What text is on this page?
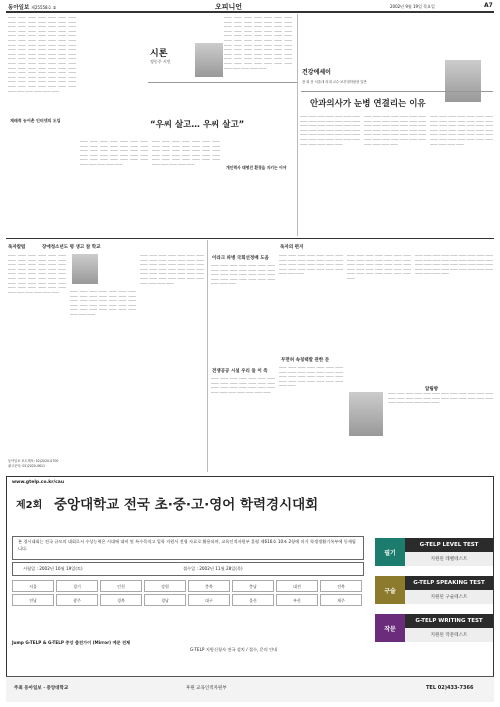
동아일보 제25558호 ②	오피니언	2002년 9월 19일 목요일	A7
──── ──── ──── ──── ──── ──── ──── ──── ──── ──── ──── ──── ──── ──── ──── ──── ──── ──── ──── ──── ──── ──── ──── ──── ──── ──── ──── ──── ──── ──── ──── ──── ──── ──── ──── ──── ──── ──── ──── ──── ──── ──── ──── ──── ──── ──── ──── ──── ──── ──── ──── ──── ──── ──── ──── ──── ──── ──── ──── ──── ──── ──── ──── ──── ──── ──── ──── ──── ──── ──── ──── ──── ──── ──── ──── ──── ──── ──── ──── ──── ──── ──── ──── ──── ──── ──── ──── ──── ──── ──── ──── ──── ──── ──── ──── ──── ──── ──── ──── ──── ──── ──── ──── ──── ──── ──── ──── ──── ──── ──── ──── ──── ──── ──── ──── ──── ──── ────
재래적 농어촌 인터넷의 도입
시론
정동주 시인
“우씨 살고… 우씨 살고”
──── ──── ──── ──── ──── ──── ──── ──── ──── ──── ──── ──── ──── ──── ──── ──── ──── ──── ──── ──── ──── ──── ──── ──── ──── ──── ──── ──── ──── ──── ──── ──── ──── ──── ──── ──── ──── ──── ──── ────
──── ──── ──── ──── ──── ──── ──── ──── ──── ──── ──── ──── ──── ──── ──── ──── ──── ──── ──── ──── ──── ──── ──── ──── ──── ──── ──── ──── ──── ──── ──── ──── ──── ──── ──── ──── ──── ──── ──── ────
──── ──── ──── ──── ──── ──── ──── ──── ──── ──── ──── ──── ──── ──── ──── ──── ──── ──── ──── ──── ──── ──── ──── ──── ──── ──── ──── ──── ──── ──── ──── ──── ──── ──── ──── ──── ──── ──── ──── ──── ──── ──── ──── ──── ──── ──── ──── ──── ──── ──── ──── ──── ──── ──── ──── ──── ──── ──── ──── ──── ──── ──── ──── ──── ──── ──── ──── ──── ──── ──── ──── ──── ──── ──── ──── ──── ──── ──── ──── ──── ──── ────
개인력사 태평건 환경을 지키는 이야
건강에세이
장 희 문 서울대 의대 교수·보건대학원장 일반
안과의사가 눈병 연결리는 이유
──── ──── ──── ──── ──── ──── ──── ──── ──── ──── ──── ──── ──── ──── ──── ──── ──── ──── ──── ──── ──── ──── ──── ──── ──── ──── ──── ──── ──── ──── ──── ──── ──── ──── ──── ──── ──── ──── ──── ──── ──── ──── ──── ──── ──── ──── ────
──── ──── ──── ──── ──── ──── ──── ──── ──── ──── ──── ──── ──── ──── ──── ──── ──── ──── ──── ──── ──── ──── ──── ──── ──── ──── ──── ──── ──── ──── ──── ──── ──── ──── ──── ──── ──── ──── ──── ──── ──── ──── ──── ──── ──── ────
──── ──── ──── ──── ──── ──── ──── ──── ──── ──── ──── ──── ──── ──── ──── ──── ──── ──── ──── ──── ──── ──── ──── ──── ──── ──── ──── ──── ──── ──── ──── ──── ──── ──── ──── ──── ──── ──── ──── ──── ──── ──── ──── ──── ──── ────
독자칼럼	장애청소년도 평 생고 참 학교
──── ──── ──── ──── ──── ──── ──── ──── ──── ──── ──── ──── ──── ──── ──── ──── ──── ──── ──── ──── ──── ──── ──── ──── ──── ──── ──── ──── ──── ──── ──── ──── ──── ──── ──── ──── ──── ──── ──── ──── ──── ──── ──── ──── ──── ──── ──── ──── ──── ──── ──── ──── ──── ────	──── ──── ──── ──── ──── ──── ──── ──── ──── ──── ──── ──── ──── ──── ──── ──── ──── ──── ──── ──── ──── ──── ──── ──── ──── ──── ──── ──── ──── ──── ──── ──── ──── ──── ──── ──── ──── ────
──── ──── ──── ──── ──── ──── ──── ──── ──── ──── ──── ──── ──── ──── ──── ──── ──── ──── ──── ──── ──── ──── ──── ──── ──── ──── ──── ──── ──── ──── ──── ──── ──── ──── ──── ──── ──── ──── ──── ──── ──── ──── ──── ──── ──── ────
독자의 편지
이라크 파병 국회선정배 도움
──── ──── ──── ──── ──── ──── ──── ──── ──── ──── ──── ──── ──── ──── ──── ──── ──── ──── ──── ──── ──── ──── ──── ──── ──── ──── ──── ──── ──── ──── ────
전쟁공공 시설 우리 들 이 즉
──── ──── ──── ──── ──── ──── ──── ──── ──── ──── ──── ──── ──── ──── ──── ──── ──── ──── ──── ──── ──── ──── ──── ──── ──── ──── ──── ────
──── ──── ──── ──── ──── ──── ──── ──── ──── ──── ──── ──── ──── ──── ──── ──── ──── ──── ──── ──── ──── ──── ──── ──── ──── ──── ──── ──── ──── ──── ────
무면허 속칭택발 관한 문
──── ──── ──── ──── ──── ──── ──── ──── ──── ──── ──── ──── ──── ──── ──── ──── ──── ──── ──── ──── ──── ──── ──── ──── ──── ──── ──── ──── ──── ────
──── ──── ──── ──── ──── ──── ──── ──── ──── ──── ──── ──── ──── ──── ──── ──── ──── ──── ──── ──── ──── ──── ──── ──── ──── ──── ──── ──── ──── ──── ──── ──── ──── ──── ──── ────
──── ──── ──── ──── ──── ──── ──── ──── ──── ──── ──── ──── ──── ──── ──── ──── ──── ──── ──── ──── ──── ──── ──── ──── ──── ──── ──── ──── ──── ──── ──── ──── ──── ──── ──── ──── ──── ──── ──── ────
알림방
──── ──── ──── ──── ──── ──── ──── ──── ──── ──── ──── ──── ──── ──── ──── ──── ──── ──── ──── ──── ──── ──── ──── ──── ──── ──── ──── ──── ──── ────
동아일보 보도제보: 02)2020-0700
광고문의: 02)2020-0611
www.gtelp.co.kr/cau
제2회 중앙대학교 전국 초·중·고·영어 학력경시대회
본 경시대회는 전국 규모의 대회로서 수상능력은 시대에 대비 및 특수목적고 입학 지원서 전형 자료로 활용되며, 교육인적자원부 훈령 제616호 10조 2항에 의거 학생생활기록부에 등재됩니다.
시험일 : 2002년 10월 19일(토)	접수일 : 2002년 11월 28일(목)
서울	경기	인천	강원	충북	충남	대전	전북
전남	광주	경북	경남	대구	울산	부산	제주
Jump G-TELP & G-TELP 중앙 출전가이 (Mirror) 예문 전체
G-TELP 지원신청자 전국 설치 / 접수, 문의 안내
주최 동아일보 · 중앙대학교	후원 교육인적자원부	TEL 02)433-7366
필기
G-TELP LEVEL TEST
지원된 레벨테스트
구술
G-TELP SPEAKING TEST
지원된 구술테스트
작문
G-TELP WRITING TEST
지원된 작문테스트
